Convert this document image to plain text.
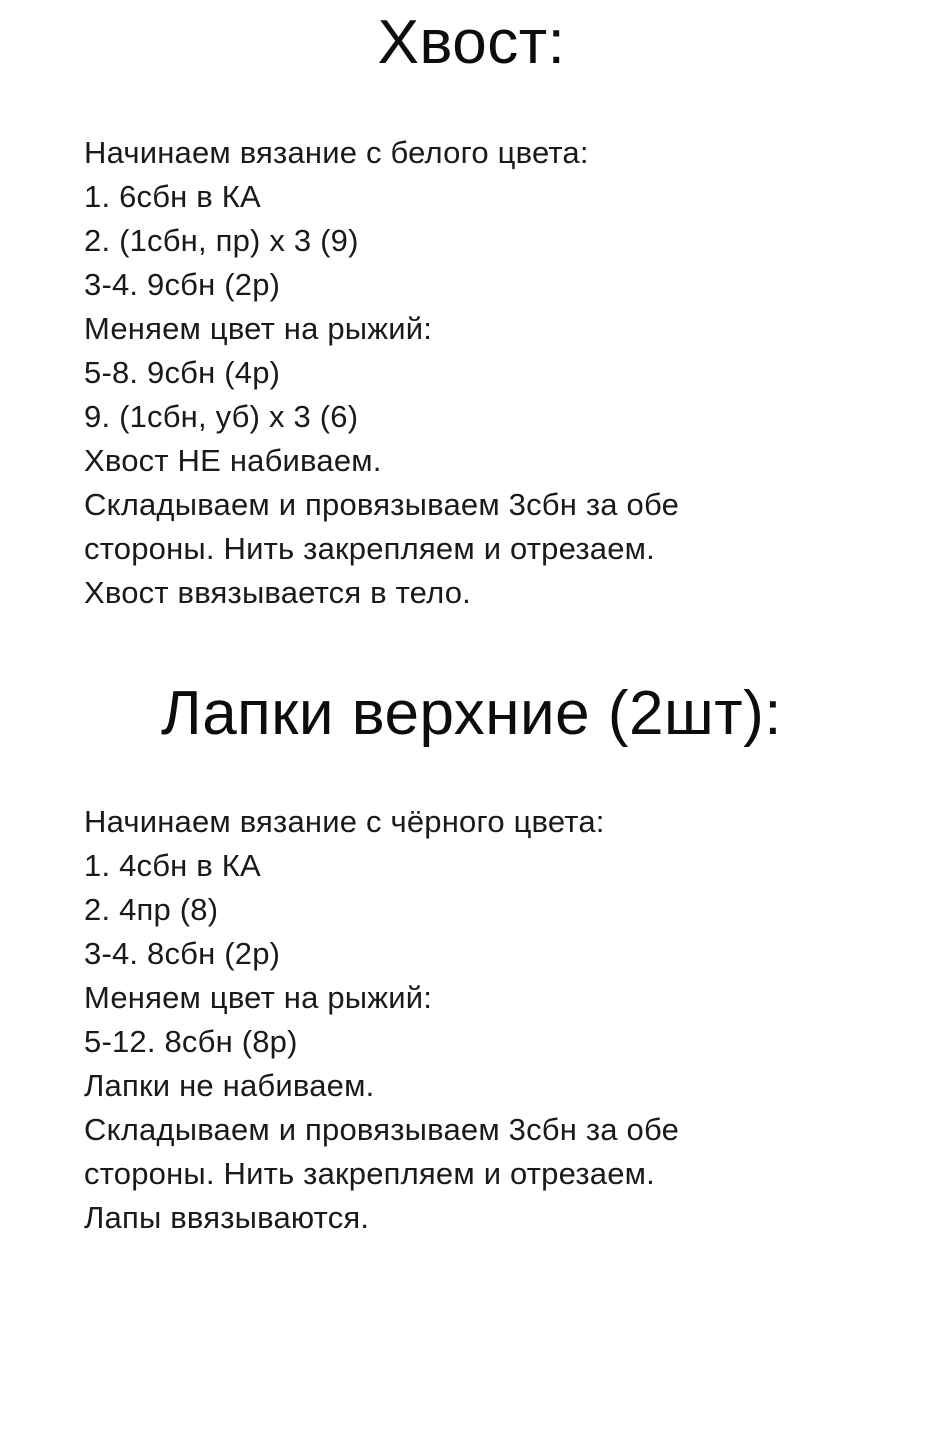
Хвост:
Начинаем вязание с белого цвета:
1. 6сбн в КА
2. (1сбн, пр) х 3 (9)
3-4. 9сбн (2р)
Меняем цвет на рыжий:
5-8. 9сбн (4р)
9. (1сбн, уб) х 3 (6)
Хвост НЕ набиваем.
Складываем и провязываем 3сбн за обе
стороны. Нить закрепляем и отрезаем.
Хвост ввязывается в тело.
Лапки верхние (2шт):
Начинаем вязание с чёрного цвета:
1. 4сбн в КА
2. 4пр (8)
3-4. 8сбн (2р)
Меняем цвет на рыжий:
5-12. 8сбн (8р)
Лапки не набиваем.
Складываем и провязываем 3сбн за обе
стороны. Нить закрепляем и отрезаем.
Лапы ввязываются.
